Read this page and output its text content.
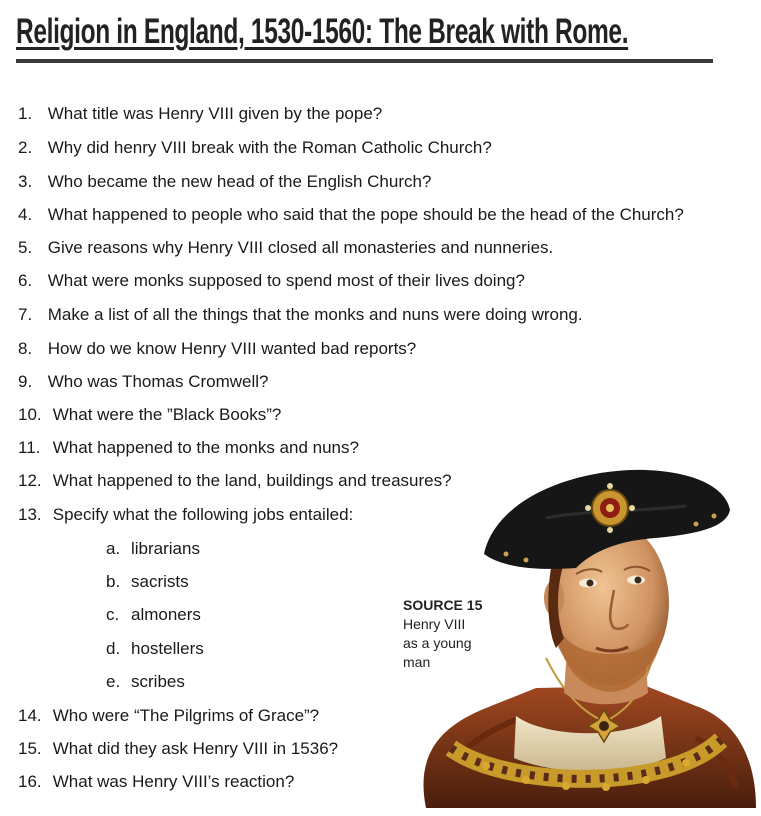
Religion in England, 1530-1560: The Break with Rome.
1. What title was Henry VIII given by the pope?
2. Why did henry VIII break with the Roman Catholic Church?
3. Who became the new head of the English Church?
4. What happened to people who said that the pope should be the head of the Church?
5. Give reasons why Henry VIII closed all monasteries and nunneries.
6. What were monks supposed to spend most of their lives doing?
7. Make a list of all the things that the monks and nuns were doing wrong.
8. How do we know Henry VIII wanted bad reports?
9. Who was Thomas Cromwell?
10. What were the ”Black Books”?
11. What happened to the monks and nuns?
12. What happened to the land, buildings and treasures?
13. Specify what the following jobs entailed:
a. librarians
b. sacrists
c. almoners
d. hostellers
e. scribes
14. Who were “The Pilgrims of Grace”?
15. What did they ask Henry VIII in 1536?
16. What was Henry VIII’s reaction?
SOURCE 15
Henry VIII
as a young
man
